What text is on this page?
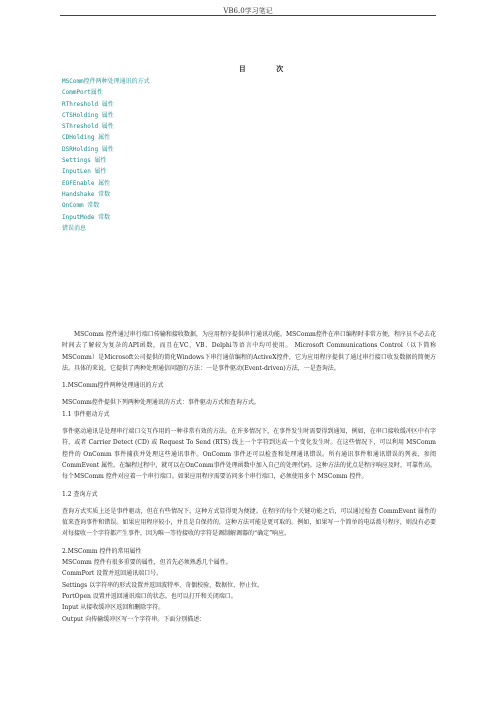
VB6.0学习笔记
目 次
MSComm控件两种处理通讯的方式
CommPort属性
RThreshold 属性
CTSHolding 属性
SThreshold 属性
CDHolding 属性
DSRHolding 属性
Settings 属性
InputLen 属性
EOFEnable 属性
Handshake 常数
OnComm 常数
InputMode 常数
错误消息

MSComm 控件通过串行端口传输和接收数据，为应用程序提供串行通讯功能。MSComm控件在串口编程时非常方便，程序员不必去花时间去了解较为复杂的API函数，而且在VC、VB、Delphi等语言中均可使用。 Microsoft Communications Control（以下简称MSComm）是Microsoft公司提供的简化Windows下串行通信编程的ActiveX控件，它为应用程序提供了通过串行接口收发数据的简便方法。具体的来说，它提供了两种处理通信问题的方法：一是事件驱动(Event-driven)方法，一是查询法。

1.MSComm控件两种处理通讯的方式

MSComm控件提供下列两种处理通讯的方式：事件驱动方式和查询方式。

1.1 事件驱动方式

事件驱动通讯是处理串行端口交互作用的一种非常有效的方法。在许多情况下，在事件发生时需要得到通知，例如，在串口接收缓冲区中有字符，或者 Carrier Detect (CD) 或 Request To Send (RTS) 线上一个字符到达或一个变化发生时。在这些情况下，可以利用 MSComm 控件的 OnComm 事件捕获并处理这些通讯事件。OnComm 事件还可以检查和处理通讯错误。所有通讯事件和通讯错误的列表，参阅 CommEvent 属性。在编程过程中，就可以在OnComm事件处理函数中加入自己的处理代码。这种方法的优点是程序响应及时，可靠性高。每个MSComm 控件对应着一个串行端口。如果应用程序需要访问多个串行端口，必须使用多个 MSComm 控件。

1.2 查询方式

查询方式实质上还是事件驱动，但在有些情况下，这种方式显得更为便捷。在程序的每个关键功能之后，可以通过检查 CommEvent 属性的值来查询事件和错误。如果应用程序较小，并且是自保持的，这种方法可能是更可取的。例如，如果写一个简单的电话拨号程序，则没有必要对每接收一个字符都产生事件，因为唯一等待接收的字符是调制解调器的“确定”响应。

2.MSComm 控件的常用属性

MSComm 控件有很多重要的属性，但首先必须熟悉几个属性。

CommPort 设置并返回通讯端口号。

Settings 以字符串的形式设置并返回波特率、奇偶校验、数据位、停止位。

PortOpen 设置并返回通讯端口的状态。也可以打开和关闭端口。

Input 从接收缓冲区返回和删除字符。

Output 向传输缓冲区写一个字符串。下面分别描述：
